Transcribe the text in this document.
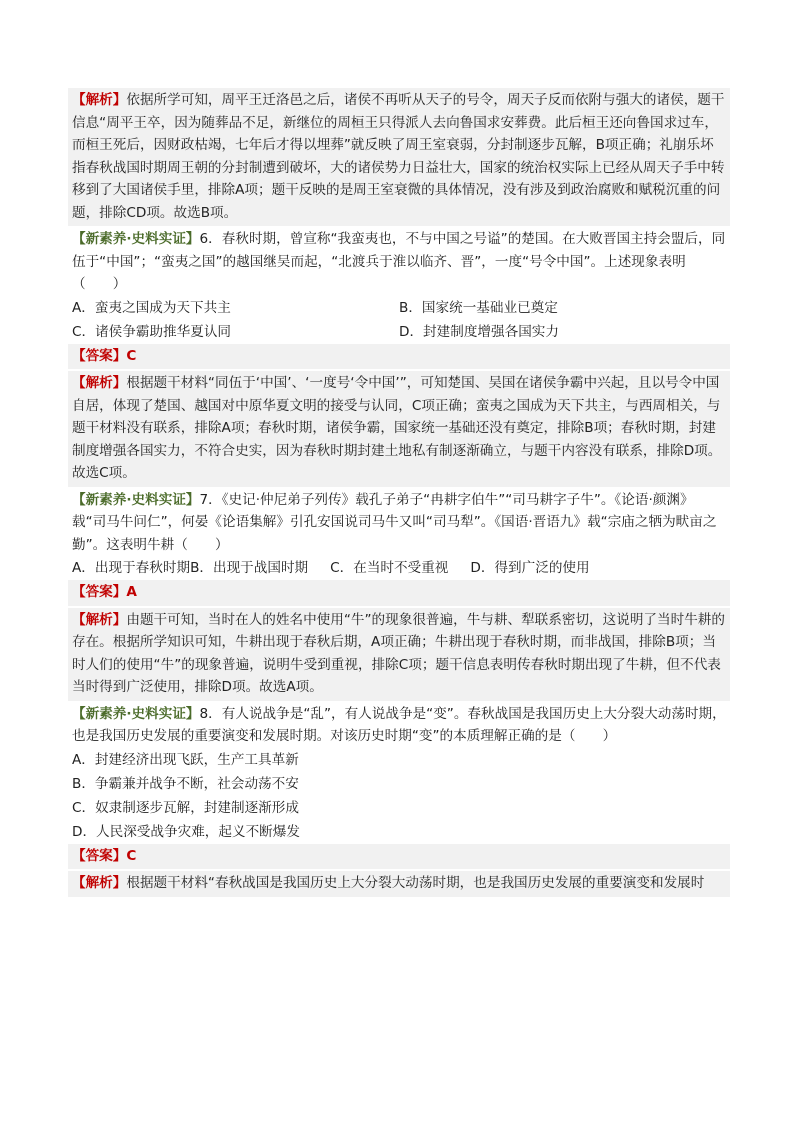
【解析】依据所学可知，周平王迁洛邑之后，诸侯不再听从天子的号令，周天子反而依附与强大的诸侯，题干信息“周平王卒，因为随葬品不足，新继位的周桓王只得派人去向鲁国求安葬费。此后桓王还向鲁国求过车，而桓王死后，因财政枯竭，七年后才得以埋葬”就反映了周王室衰弱，分封制逐步瓦解，B项正确；礼崩乐坏指春秋战国时期周王朝的分封制遭到破坏，大的诸侯势力日益壮大，国家的统治权实际上已经从周天子手中转移到了大国诸侯手里，排除A项；题干反映的是周王室衰微的具体情况，没有涉及到政治腐败和赋税沉重的问题，排除CD项。故选B项。

【新素养·史料实证】6．春秋时期，曾宣称“我蛮夷也，不与中国之号谥”的楚国。在大败晋国主持会盟后，同伍于“中国”；“蛮夷之国”的越国继吴而起，“北渡兵于淮以临齐、晋”，一度“号令中国”。上述现象表明（　　）

A．蛮夷之国成为天下共主	B．国家统一基础业已奠定
C．诸侯争霸助推华夏认同	D．封建制度增强各国实力

【答案】C

【解析】根据题干材料“同伍于‘中国’、‘一度号‘令中国’”，可知楚国、吴国在诸侯争霸中兴起，且以号令中国自居，体现了楚国、越国对中原华夏文明的接受与认同，C项正确；蛮夷之国成为天下共主，与西周相关，与题干材料没有联系，排除A项；春秋时期，诸侯争霸，国家统一基础还没有奠定，排除B项；春秋时期，封建制度增强各国实力，不符合史实，因为春秋时期封建土地私有制逐渐确立，与题干内容没有联系，排除D项。故选C项。

【新素养·史料实证】7．《史记·仲尼弟子列传》载孔子弟子“冉耕字伯牛”“司马耕字子牛”。《论语·颜渊》载“司马牛问仁”，何晏《论语集解》引孔安国说司马牛又叫“司马犁”。《国语·晋语九》载“宗庙之牺为畎亩之勤”。这表明牛耕（　　）

A．出现于春秋时期 B．出现于战国时期 C．在当时不受重视 D．得到广泛的使用

【答案】A

【解析】由题干可知，当时在人的姓名中使用“牛”的现象很普遍，牛与耕、犁联系密切，这说明了当时牛耕的存在。根据所学知识可知，牛耕出现于春秋后期，A项正确；牛耕出现于春秋时期，而非战国，排除B项；当时人们的使用“牛”的现象普遍，说明牛受到重视，排除C项；题干信息表明传春秋时期出现了牛耕，但不代表当时得到广泛使用，排除D项。故选A项。

【新素养·史料实证】8．有人说战争是“乱”，有人说战争是“变”。春秋战国是我国历史上大分裂大动荡时期，也是我国历史发展的重要演变和发展时期。对该历史时期“变”的本质理解正确的是（　　）

A．封建经济出现飞跃，生产工具革新
B．争霸兼并战争不断，社会动荡不安
C．奴隶制逐步瓦解，封建制逐渐形成
D．人民深受战争灾难，起义不断爆发

【答案】C

【解析】根据题干材料“春秋战国是我国历史上大分裂大动荡时期，也是我国历史发展的重要演变和发展时
